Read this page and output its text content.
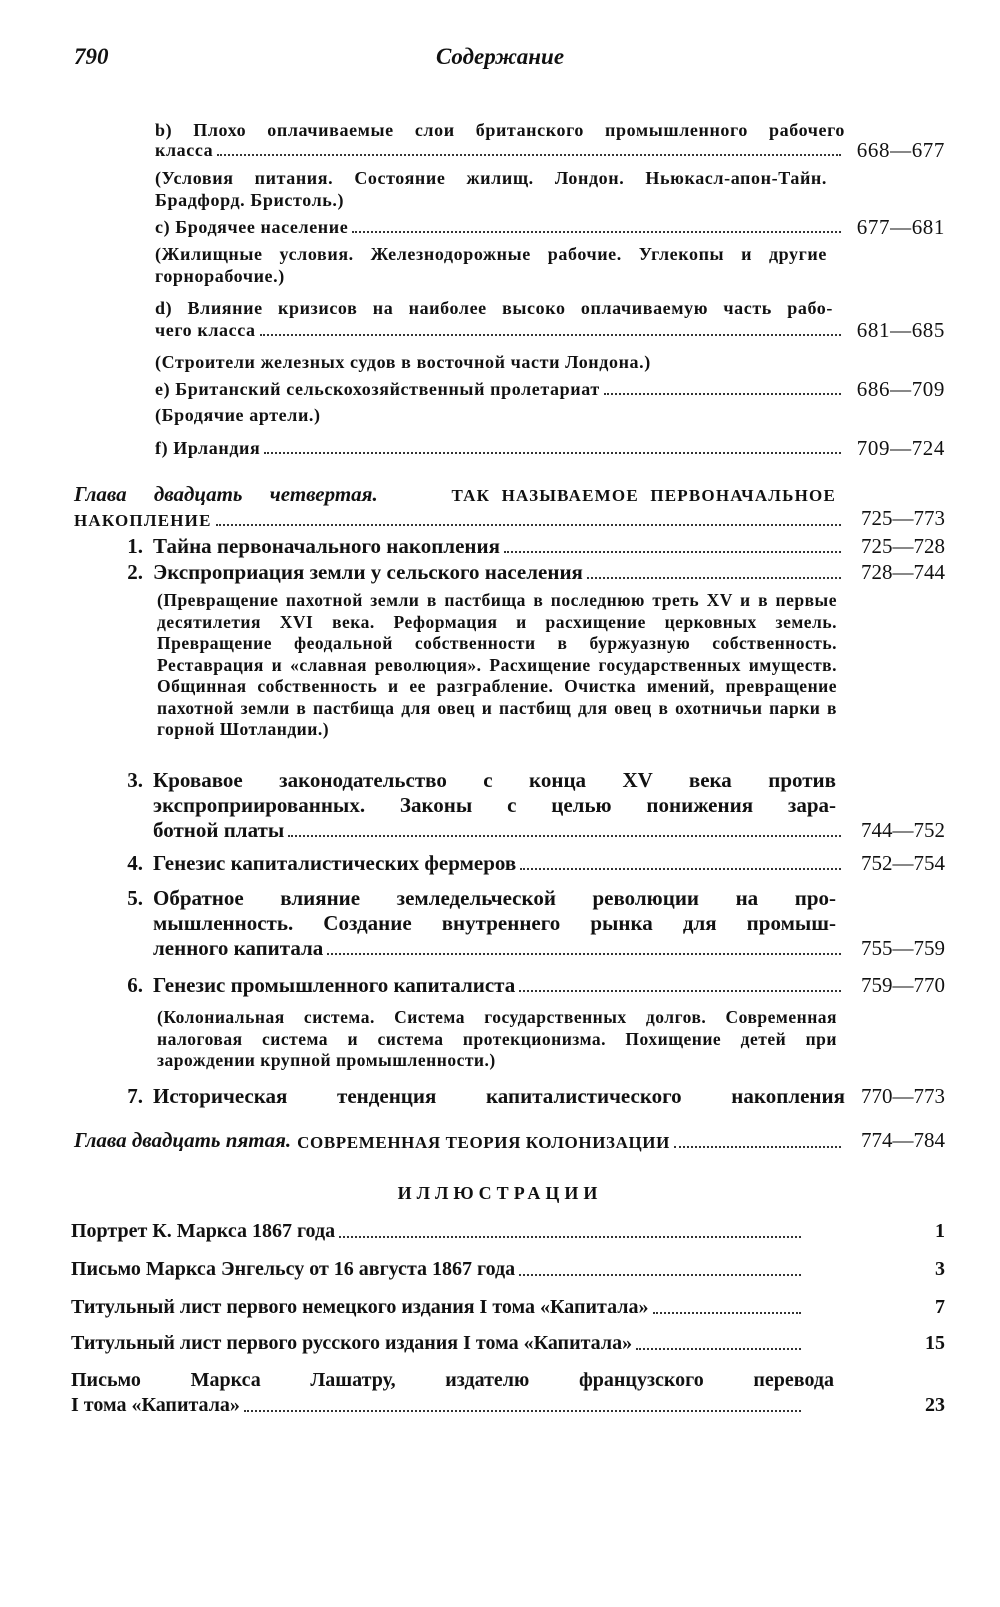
790	Содержание
b) Плохо оплачиваемые слои британского промышленного рабочего
класса	668—677
(Условия питания. Состояние жилищ. Лондон. Ньюкасл-апон-Тайн. Брадфорд. Бристоль.)
c) Бродячее население	677—681
(Жилищные условия. Железнодорожные рабочие. Углекопы и другие горнорабочие.)
d) Влияние кризисов на наиболее высоко оплачиваемую часть рабо-
чего класса	681—685
(Строители железных судов в восточной части Лондона.)
e) Британский сельскохозяйственный пролетариат	686—709
(Бродячие артели.)
f) Ирландия	709—724
Глава двадцать четвертая.	ТАК НАЗЫВАЕМОЕ ПЕРВОНАЧАЛЬНОЕ
НАКОПЛЕНИЕ	725—773
1. Тайна первоначального накопления	725—728
2. Экспроприация земли у сельского населения	728—744
(Превращение пахотной земли в пастбища в последнюю треть XV и в первые десятилетия XVI века. Реформация и расхищение церковных земель. Превращение феодальной собственности в буржуазную собственность. Реставрация и «славная революция». Расхищение государственных имуществ. Общинная собственность и ее разграбление. Очистка имений, превращение пахотной земли в пастбища для овец и пастбищ для овец в охотничьи парки в горной Шотландии.)
3. Кровавое законодательство с конца XV века против
экспроприированных. Законы с целью понижения зара-
ботной платы	744—752
4. Генезис капиталистических фермеров	752—754
5. Обратное влияние земледельческой революции на про-
мышленность. Создание внутреннего рынка для промыш-
ленного капитала	755—759
6. Генезис промышленного капиталиста	759—770
(Колониальная система. Система государственных долгов. Современная налоговая система и система протекционизма. Похищение детей при зарождении крупной промышленности.)
7. Историческая тенденция капиталистического накопления 770—773
Глава двадцать пятая. СОВРЕМЕННАЯ ТЕОРИЯ КОЛОНИЗАЦИИ	774—784
ИЛЛЮСТРАЦИИ
Портрет К. Маркса 1867 года	1
Письмо Маркса Энгельсу от 16 августа 1867 года	3
Титульный лист первого немецкого издания I тома «Капитала»	7
Титульный лист первого русского издания I тома «Капитала»	15
Письмо Маркса Лашатру, издателю французского перевода
I тома «Капитала»	23
